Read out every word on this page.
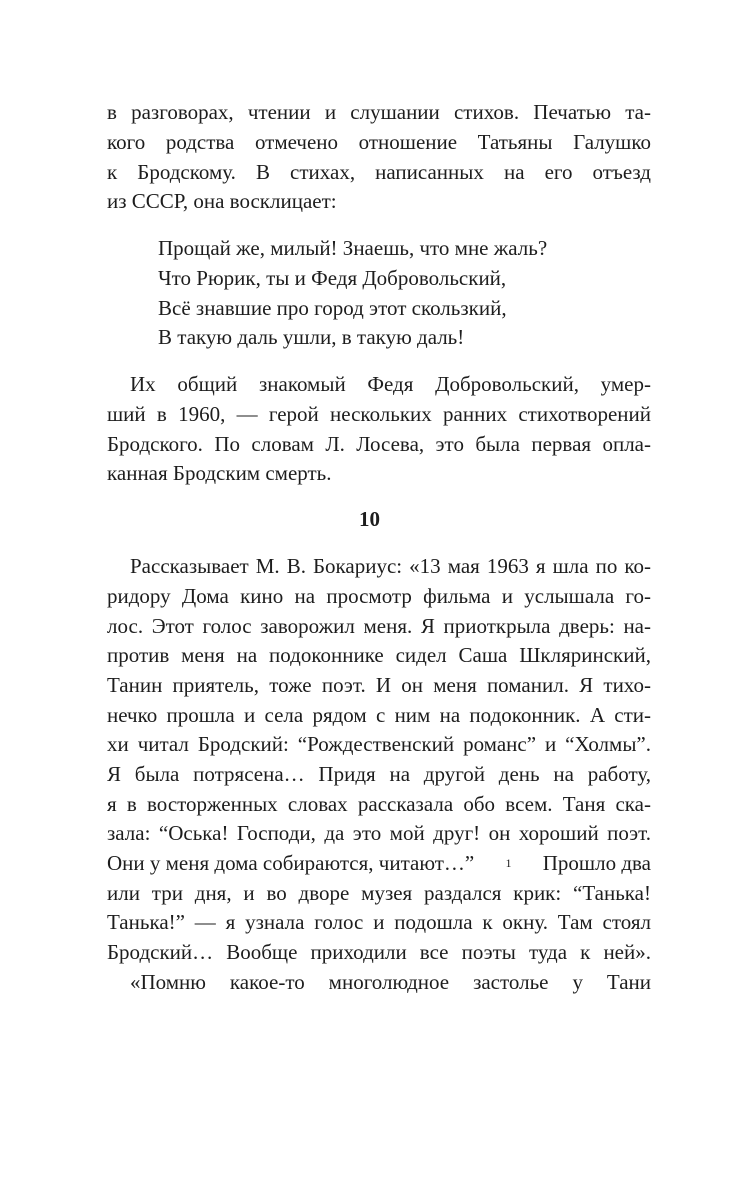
в разговорах, чтении и слушании стихов. Печатью та-
кого родства отмечено отношение Татьяны Галушко
к Бродскому. В стихах, написанных на его отъезд
из СССР, она восклицает:
Прощай же, милый! Знаешь, что мне жаль?
Что Рюрик, ты и Федя Добровольский,
Всё знавшие про город этот скользкий,
В такую даль ушли, в такую даль!
Их общий знакомый Федя Добровольский, умер-
ший в 1960, — герой нескольких ранних стихотворений
Бродского. По словам Л. Лосева, это была первая опла-
канная Бродским смерть.
10
Рассказывает М. В. Бокариус: «13 мая 1963 я шла по ко-
ридору Дома кино на просмотр фильма и услышала го-
лос. Этот голос заворожил меня. Я приоткрыла дверь: на-
против меня на подоконнике сидел Саша Шкляринский,
Танин приятель, тоже поэт. И он меня поманил. Я тихо-
нечко прошла и села рядом с ним на подоконник. А сти-
хи читал Бродский: “Рождественский романс” и “Холмы”.
Я была потрясена… Придя на другой день на работу,
я в восторженных словах рассказала обо всем. Таня ска-
зала: “Оська! Господи, да это мой друг! он хороший поэт.
Они у меня дома собираются, читают…”	1 Прошло два
или три дня, и во дворе музея раздался крик: “Танька!
Танька!” — я узнала голос и подошла к окну. Там стоял
Бродский… Вообще приходили все поэты туда к ней».
«Помню какое-то многолюдное застолье у Тани
